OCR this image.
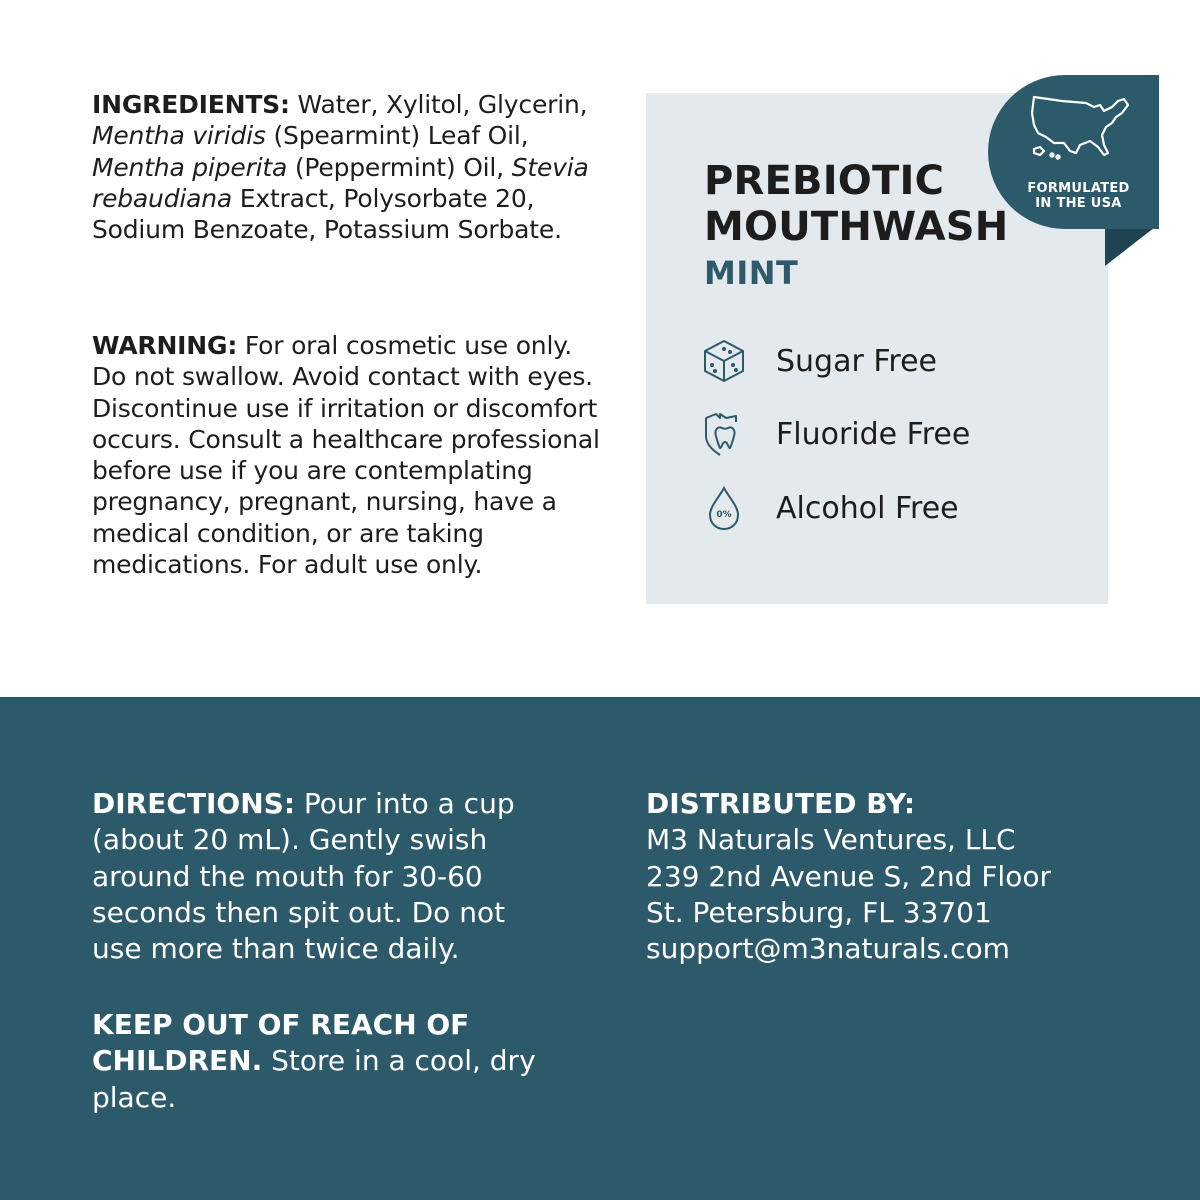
INGREDIENTS: Water, Xylitol, Glycerin, Mentha viridis (Spearmint) Leaf Oil, Mentha piperita (Peppermint) Oil, Stevia rebaudiana Extract, Polysorbate 20, Sodium Benzoate, Potassium Sorbate.
WARNING: For oral cosmetic use only. Do not swallow. Avoid contact with eyes. Discontinue use if irritation or discomfort occurs. Consult a healthcare professional before use if you are contemplating pregnancy, pregnant, nursing, have a medical condition, or are taking medications. For adult use only.
PREBIOTIC
MOUTHWASH
MINT
Sugar Free
Fluoride Free
0% Alcohol Free
FORMULATED
IN THE USA
DIRECTIONS: Pour into a cup (about 20 mL). Gently swish around the mouth for 30-60 seconds then spit out. Do not use more than twice daily.
KEEP OUT OF REACH OF CHILDREN. Store in a cool, dry place.
DISTRIBUTED BY:
M3 Naturals Ventures, LLC
239 2nd Avenue S, 2nd Floor
St. Petersburg, FL 33701
support@m3naturals.com
